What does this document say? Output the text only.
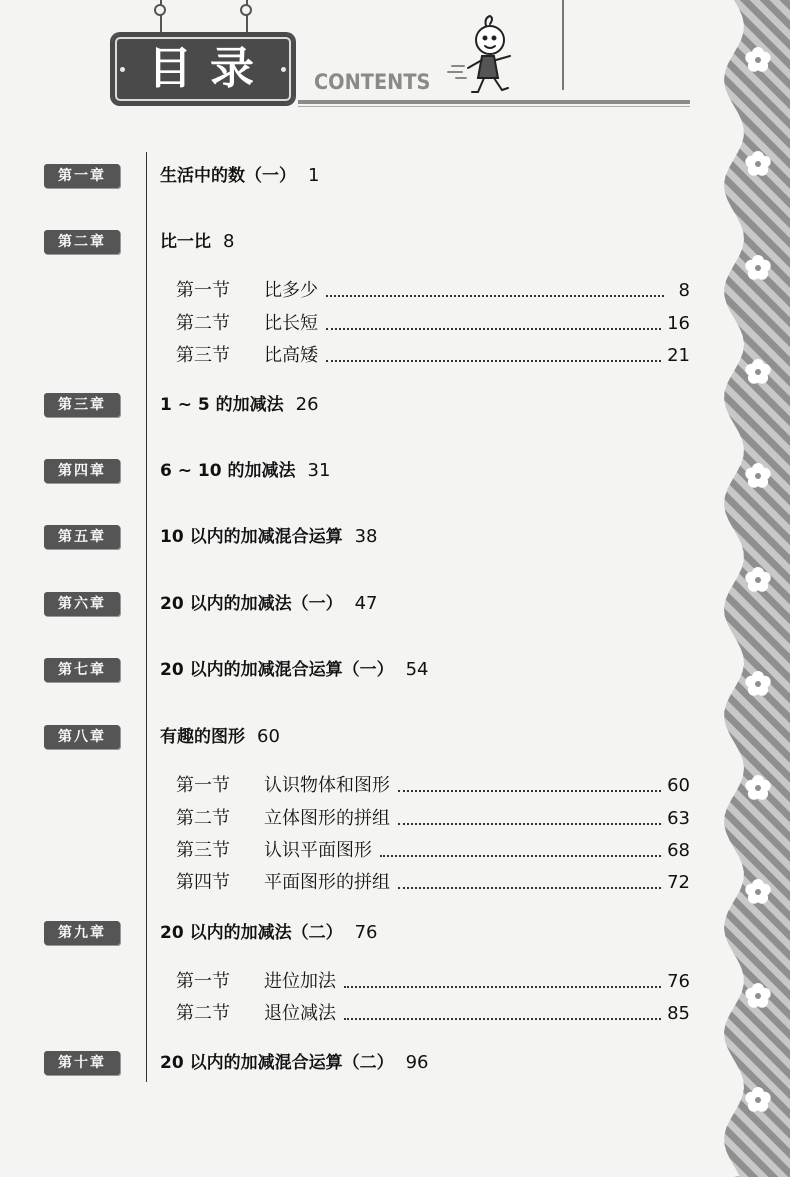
目录	CONTENTS
第一章	生活中的数（一） 1
第二章	比一比 8
第一节	比多少	8
第二节	比长短	16
第三节	比高矮	21
第三章	1 ~ 5 的加减法 26
第四章	6 ~ 10 的加减法 31
第五章	10 以内的加减混合运算 38
第六章	20 以内的加减法（一） 47
第七章	20 以内的加减混合运算（一） 54
第八章	有趣的图形 60
第一节	认识物体和图形	60
第二节	立体图形的拼组	63
第三节	认识平面图形	68
第四节	平面图形的拼组	72
第九章	20 以内的加减法（二） 76
第一节	进位加法	76
第二节	退位减法	85
第十章	20 以内的加减混合运算（二） 96
